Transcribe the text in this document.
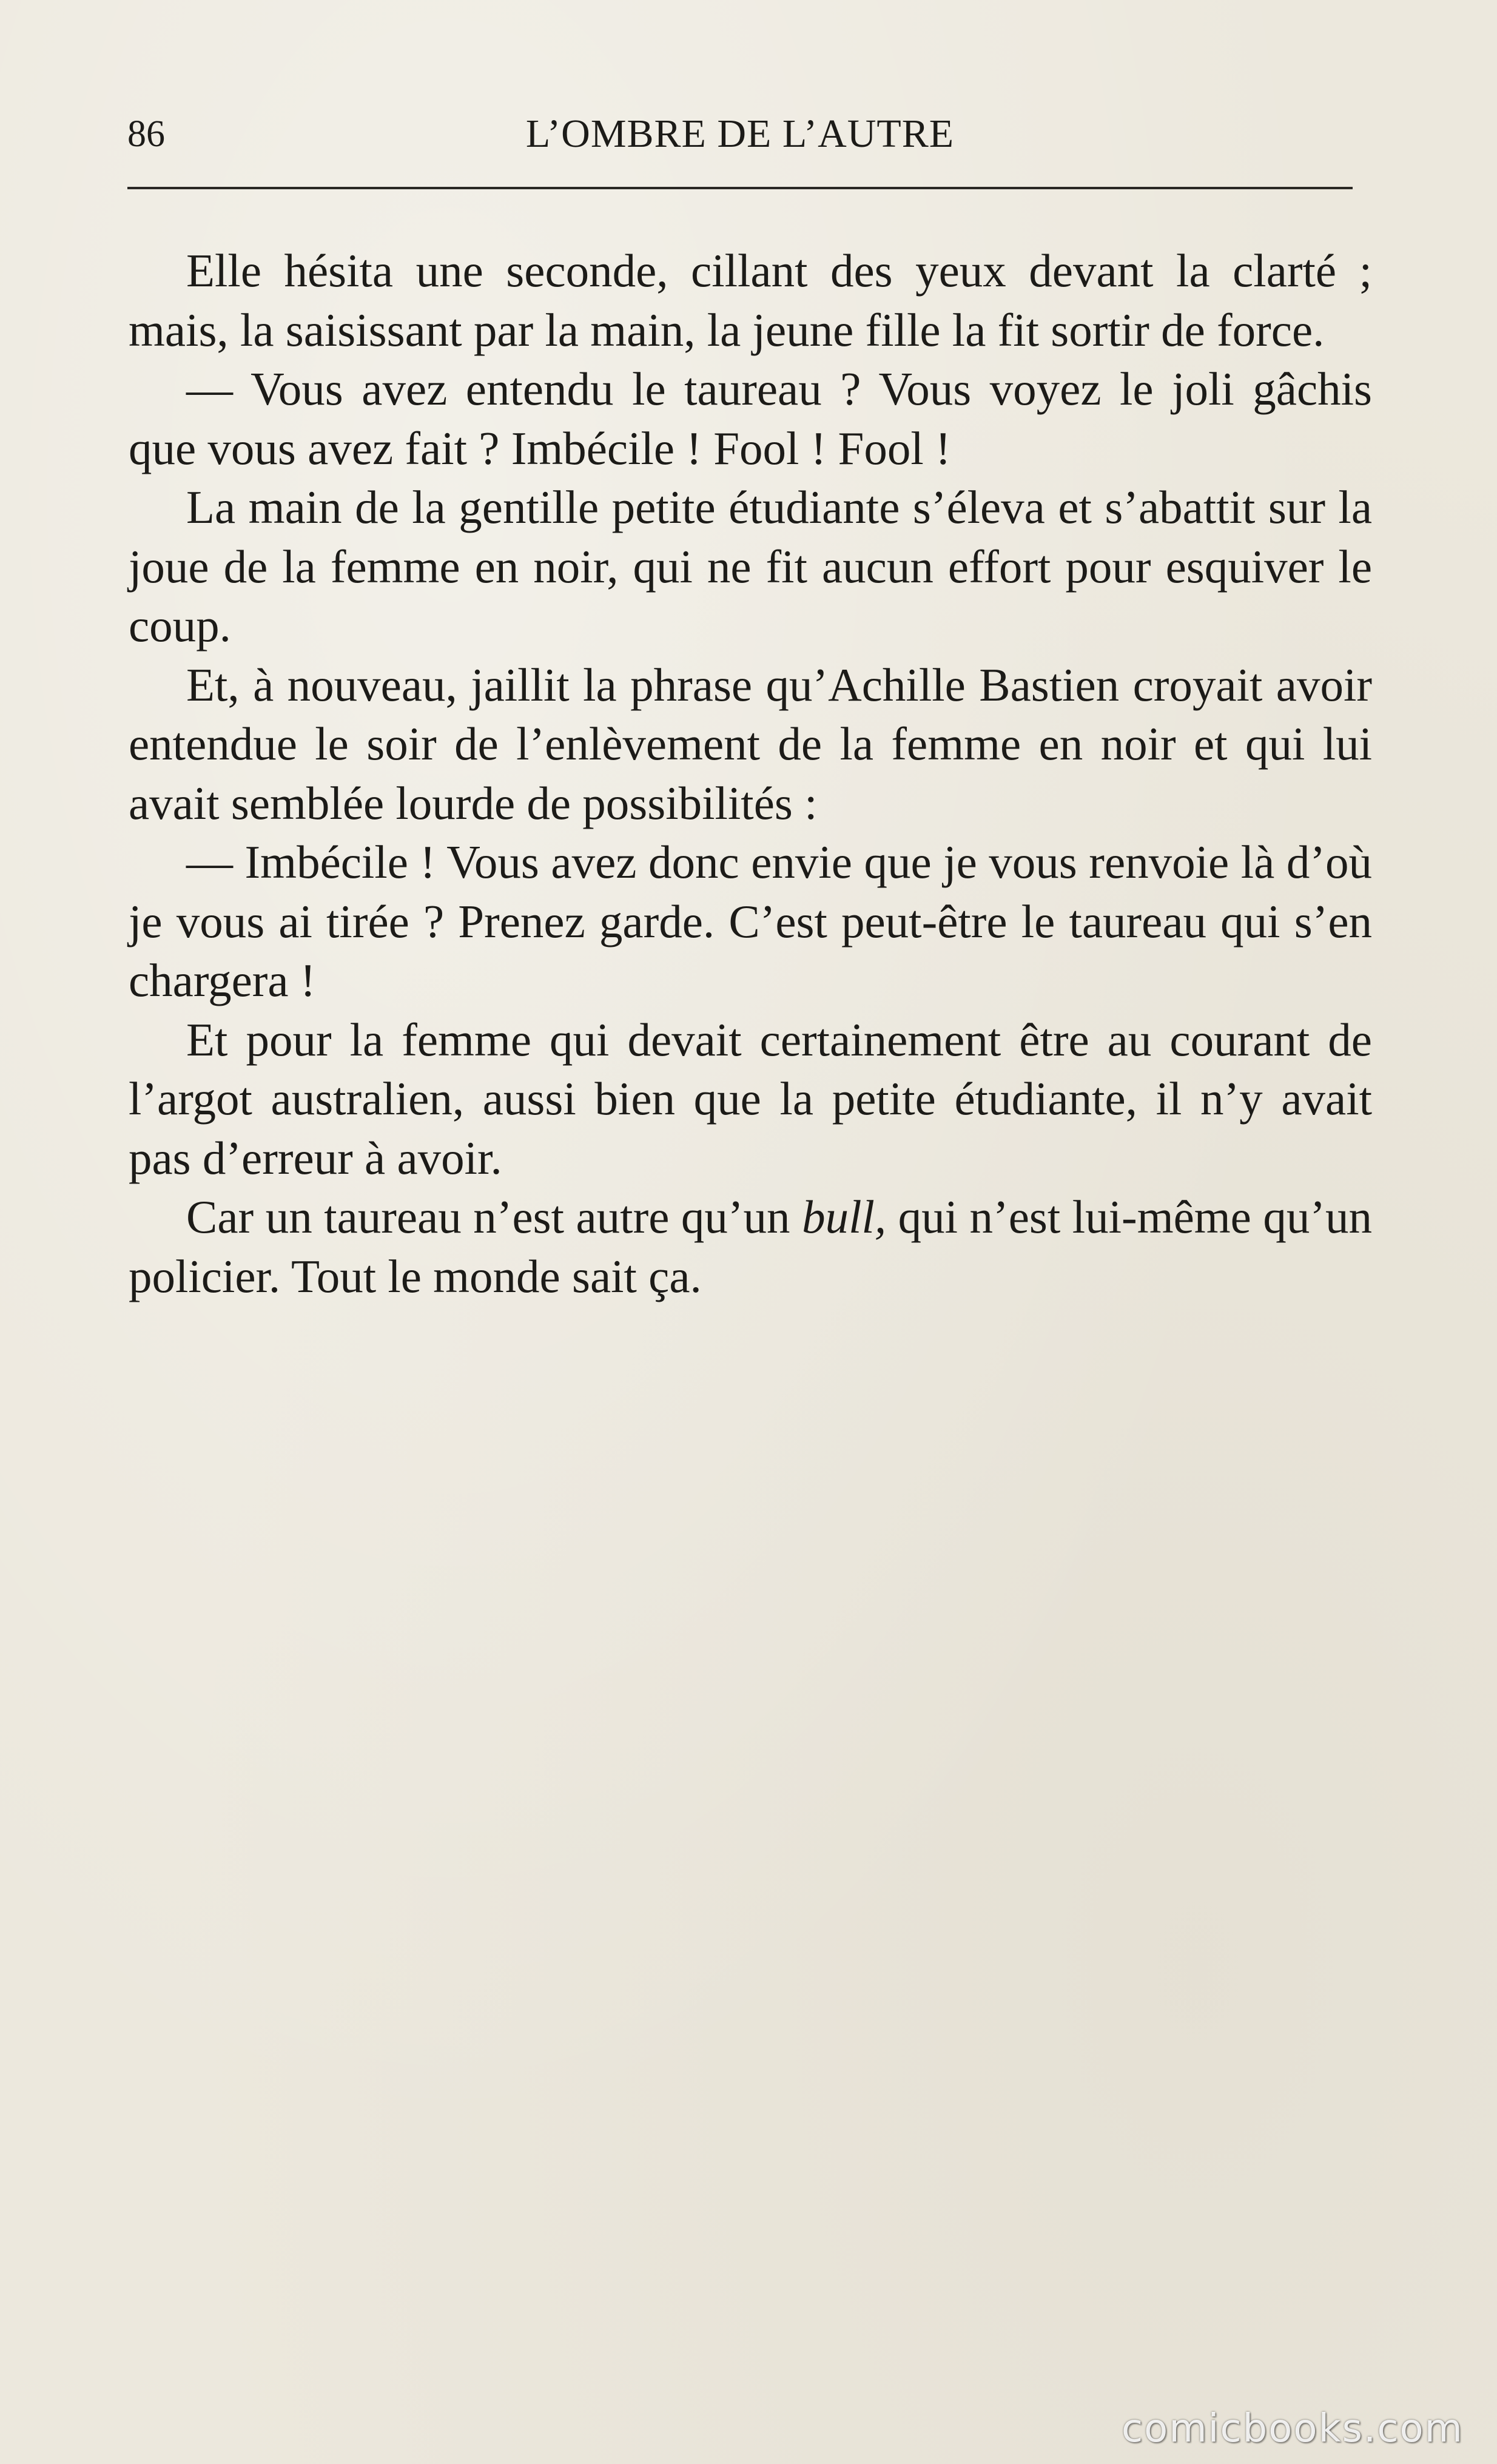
86	L’OMBRE DE L’AUTRE

Elle hésita une seconde, cillant des yeux devant la clarté ; mais, la saisissant par la main, la jeune fille la fit sortir de force.

— Vous avez entendu le taureau ? Vous voyez le joli gâchis que vous avez fait ? Imbécile ! Fool ! Fool !

La main de la gentille petite étudiante s’éleva et s’abattit sur la joue de la femme en noir, qui ne fit aucun effort pour esquiver le coup.

Et, à nouveau, jaillit la phrase qu’Achille Bastien croyait avoir entendue le soir de l’enlèvement de la femme en noir et qui lui avait semblée lourde de possibilités :

— Imbécile ! Vous avez donc envie que je vous renvoie là d’où je vous ai tirée ? Prenez garde. C’est peut-être le taureau qui s’en chargera !

Et pour la femme qui devait certainement être au courant de l’argot australien, aussi bien que la petite étudiante, il n’y avait pas d’erreur à avoir.

Car un taureau n’est autre qu’un bull, qui n’est lui-même qu’un policier. Tout le monde sait ça.

comicbooks.com
